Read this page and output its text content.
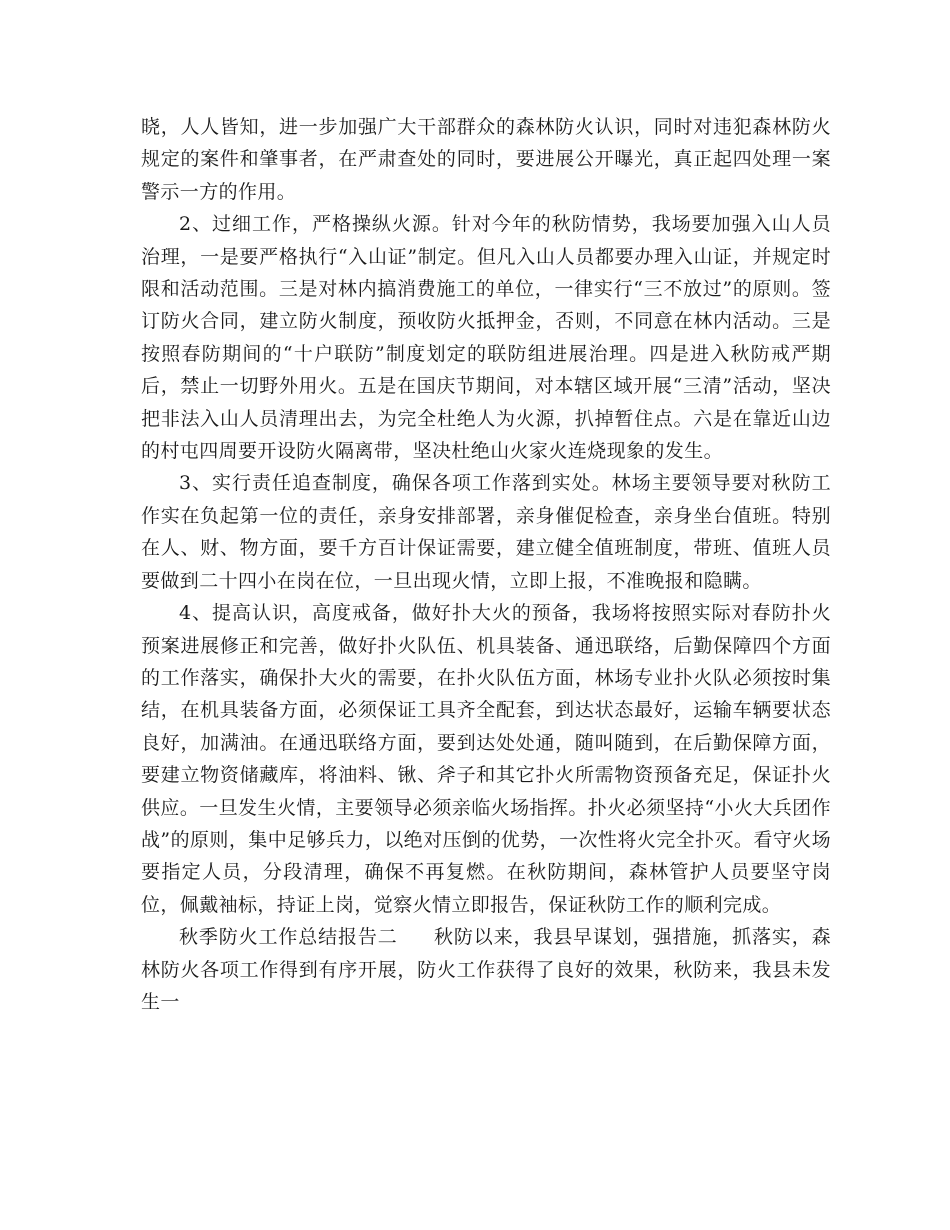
晓，人人皆知，进一步加强广大干部群众的森林防火认识，同时对违犯森林防火规定的案件和肇事者，在严肃查处的同时，要进展公开曝光，真正起四处理一案警示一方的作用。

2、过细工作，严格操纵火源。针对今年的秋防情势，我场要加强入山人员治理，一是要严格执行“入山证”制定。但凡入山人员都要办理入山证，并规定时限和活动范围。三是对林内搞消费施工的单位，一律实行“三不放过”的原则。签订防火合同，建立防火制度，预收防火抵押金，否则，不同意在林内活动。三是按照春防期间的“十户联防”制度划定的联防组进展治理。四是进入秋防戒严期后，禁止一切野外用火。五是在国庆节期间，对本辖区域开展“三清”活动，坚决把非法入山人员清理出去，为完全杜绝人为火源，扒掉暂住点。六是在靠近山边的村屯四周要开设防火隔离带，坚决杜绝山火家火连烧现象的发生。

3、实行责任追查制度，确保各项工作落到实处。林场主要领导要对秋防工作实在负起第一位的责任，亲身安排部署，亲身催促检查，亲身坐台值班。特别在人、财、物方面，要千方百计保证需要，建立健全值班制度，带班、值班人员要做到二十四小在岗在位，一旦出现火情，立即上报，不准晚报和隐瞒。

4、提高认识，高度戒备，做好扑大火的预备，我场将按照实际对春防扑火预案进展修正和完善，做好扑火队伍、机具装备、通迅联络，后勤保障四个方面的工作落实，确保扑大火的需要，在扑火队伍方面，林场专业扑火队必须按时集结，在机具装备方面，必须保证工具齐全配套，到达状态最好，运输车辆要状态良好，加满油。在通迅联络方面，要到达处处通，随叫随到，在后勤保障方面，要建立物资储藏库，将油料、锹、斧子和其它扑火所需物资预备充足，保证扑火供应。一旦发生火情，主要领导必须亲临火场指挥。扑火必须坚持“小火大兵团作战”的原则，集中足够兵力，以绝对压倒的优势，一次性将火完全扑灭。看守火场要指定人员，分段清理，确保不再复燃。在秋防期间，森林管护人员要坚守岗位，佩戴袖标，持证上岗，觉察火情立即报告，保证秋防工作的顺利完成。

秋季防火工作总结报告二 秋防以来，我县早谋划，强措施，抓落实，森林防火各项工作得到有序开展，防火工作获得了良好的效果，秋防来，我县未发生一
